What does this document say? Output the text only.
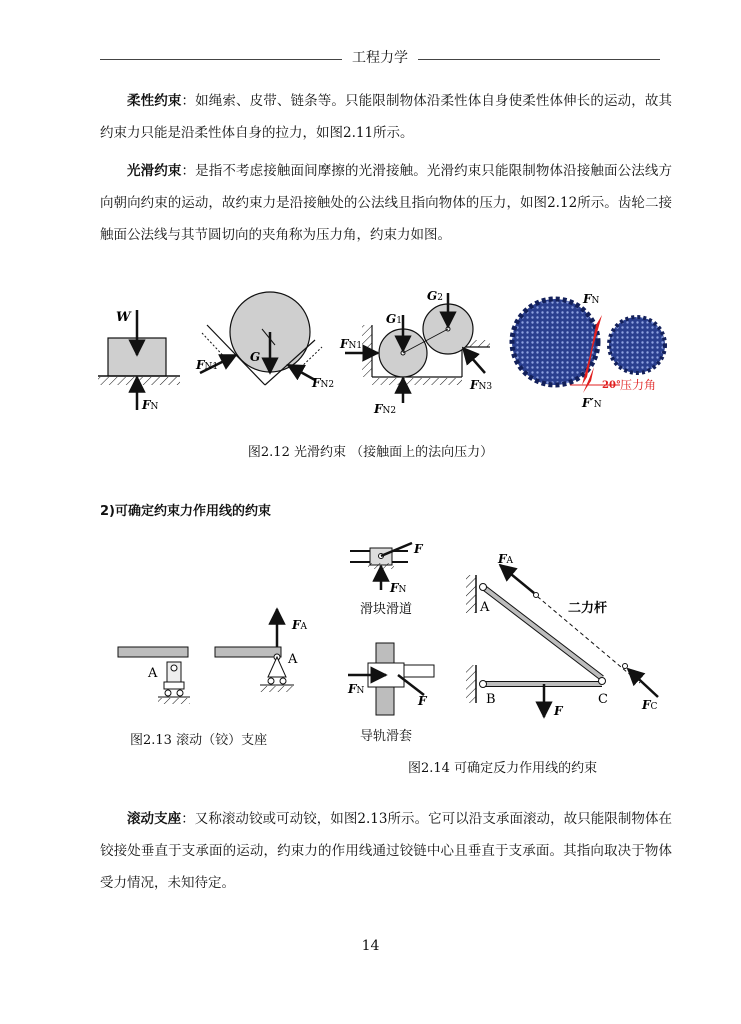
工程力学
柔性约束：如绳索、皮带、链条等。只能限制物体沿柔性体自身使柔性体伸长的运动，故其约束力只能是沿柔性体自身的拉力，如图2.11所示。
光滑约束：是指不考虑接触面间摩擦的光滑接触。光滑约束只能限制物体沿接触面公法线方向朝向约束的运动，故约束力是沿接触处的公法线且指向物体的压力，如图2.12所示。齿轮二接触面公法线与其节圆切向的夹角称为压力角，约束力如图。
W
FN
FN1
G
FN2
G1
G2
FN1
FN2
FN3
FN
20° 压力角
F′N
图2.12 光滑约束 （接触面上的法向压力）
2)可确定约束力作用线的约束
A
FA
A
图2.13 滚动（铰）支座
F
FN
滑块滑道
FN
F
FA
A
B	C
F	FC
二力杆
导轨滑套
图2.14 可确定反力作用线的约束
滚动支座：又称滚动铰或可动铰，如图2.13所示。它可以沿支承面滚动，故只能限制物体在铰接处垂直于支承面的运动，约束力的作用线通过铰链中心且垂直于支承面。其指向取决于物体受力情况，未知待定。
14
